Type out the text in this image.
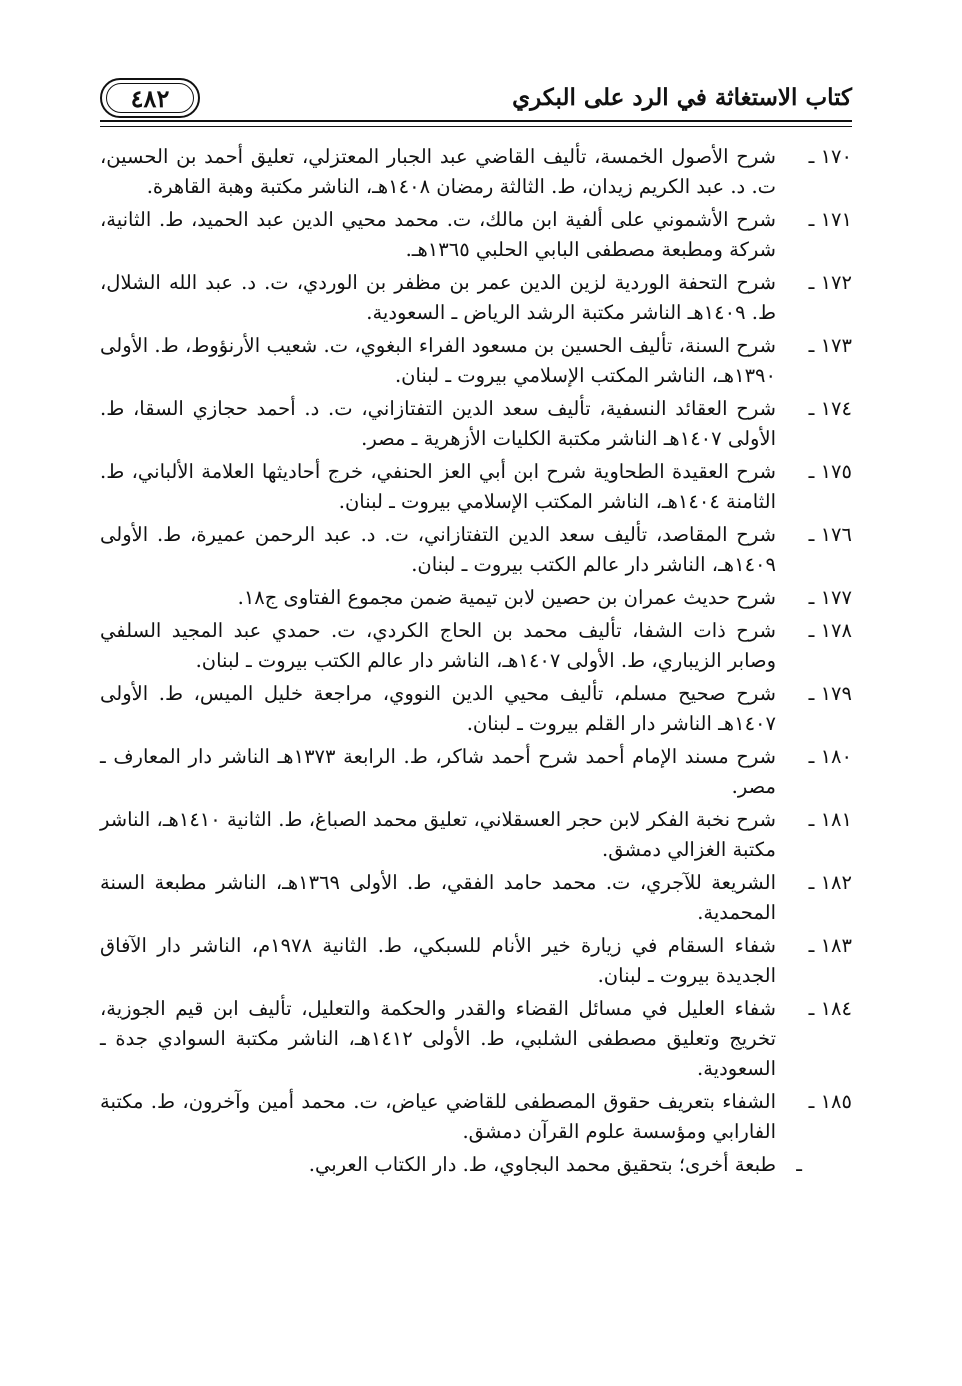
كتاب الاستغاثة في الرد على البكري
٤٨٢
١٧٠ ـ
شرح الأصول الخمسة، تأليف القاضي عبد الجبار المعتزلي، تعليق أحمد بن الحسين، ت. د. عبد الكريم زيدان، ط. الثالثة رمضان ١٤٠٨هـ، الناشر مكتبة وهبة القاهرة.
١٧١ ـ
شرح الأشموني على ألفية ابن مالك، ت. محمد محيي الدين عبد الحميد، ط. الثانية، شركة ومطبعة مصطفى البابي الحلبي ١٣٦٥هـ.
١٧٢ ـ
شرح التحفة الوردية لزين الدين عمر بن مظفر بن الوردي، ت. د. عبد الله الشلال، ط. ١٤٠٩هـ الناشر مكتبة الرشد الرياض ـ السعودية.
١٧٣ ـ
شرح السنة، تأليف الحسين بن مسعود الفراء البغوي، ت. شعيب الأرنؤوط، ط. الأولى ١٣٩٠هـ، الناشر المكتب الإسلامي بيروت ـ لبنان.
١٧٤ ـ
شرح العقائد النسفية، تأليف سعد الدين التفتازاني، ت. د. أحمد حجازي السقا، ط. الأولى ١٤٠٧هـ الناشر مكتبة الكليات الأزهرية ـ مصر.
١٧٥ ـ
شرح العقيدة الطحاوية شرح ابن أبي العز الحنفي، خرج أحاديثها العلامة الألباني، ط. الثامنة ١٤٠٤هـ، الناشر المكتب الإسلامي بيروت ـ لبنان.
١٧٦ ـ
شرح المقاصد، تأليف سعد الدين التفتازاني، ت. د. عبد الرحمن عميرة، ط. الأولى ١٤٠٩هـ، الناشر دار عالم الكتب بيروت ـ لبنان.
١٧٧ ـ
شرح حديث عمران بن حصين لابن تيمية ضمن مجموع الفتاوى ج١٨.
١٧٨ ـ
شرح ذات الشفا، تأليف محمد بن الحاج الكردي، ت. حمدي عبد المجيد السلفي وصابر الزيباري، ط. الأولى ١٤٠٧هـ، الناشر دار عالم الكتب بيروت ـ لبنان.
١٧٩ ـ
شرح صحيح مسلم، تأليف محيي الدين النووي، مراجعة خليل الميس، ط. الأولى ١٤٠٧هـ الناشر دار القلم بيروت ـ لبنان.
١٨٠ ـ
شرح مسند الإمام أحمد شرح أحمد شاكر، ط. الرابعة ١٣٧٣هـ الناشر دار المعارف ـ مصر.
١٨١ ـ
شرح نخبة الفكر لابن حجر العسقلاني، تعليق محمد الصباغ، ط. الثانية ١٤١٠هـ، الناشر مكتبة الغزالي دمشق.
١٨٢ ـ
الشريعة للآجري، ت. محمد حامد الفقي، ط. الأولى ١٣٦٩هـ، الناشر مطبعة السنة المحمدية.
١٨٣ ـ
شفاء السقام في زيارة خير الأنام للسبكي، ط. الثانية ١٩٧٨م، الناشر دار الآفاق الجديدة بيروت ـ لبنان.
١٨٤ ـ
شفاء العليل في مسائل القضاء والقدر والحكمة والتعليل، تأليف ابن قيم الجوزية، تخريج وتعليق مصطفى الشلبي، ط. الأولى ١٤١٢هـ، الناشر مكتبة السوادي جدة ـ السعودية.
١٨٥ ـ
الشفاء بتعريف حقوق المصطفى للقاضي عياض، ت. محمد أمين وآخرون، ط. مكتبة الفارابي ومؤسسة علوم القرآن دمشق.
ـ
طبعة أخرى؛ بتحقيق محمد البجاوي، ط. دار الكتاب العربي.
